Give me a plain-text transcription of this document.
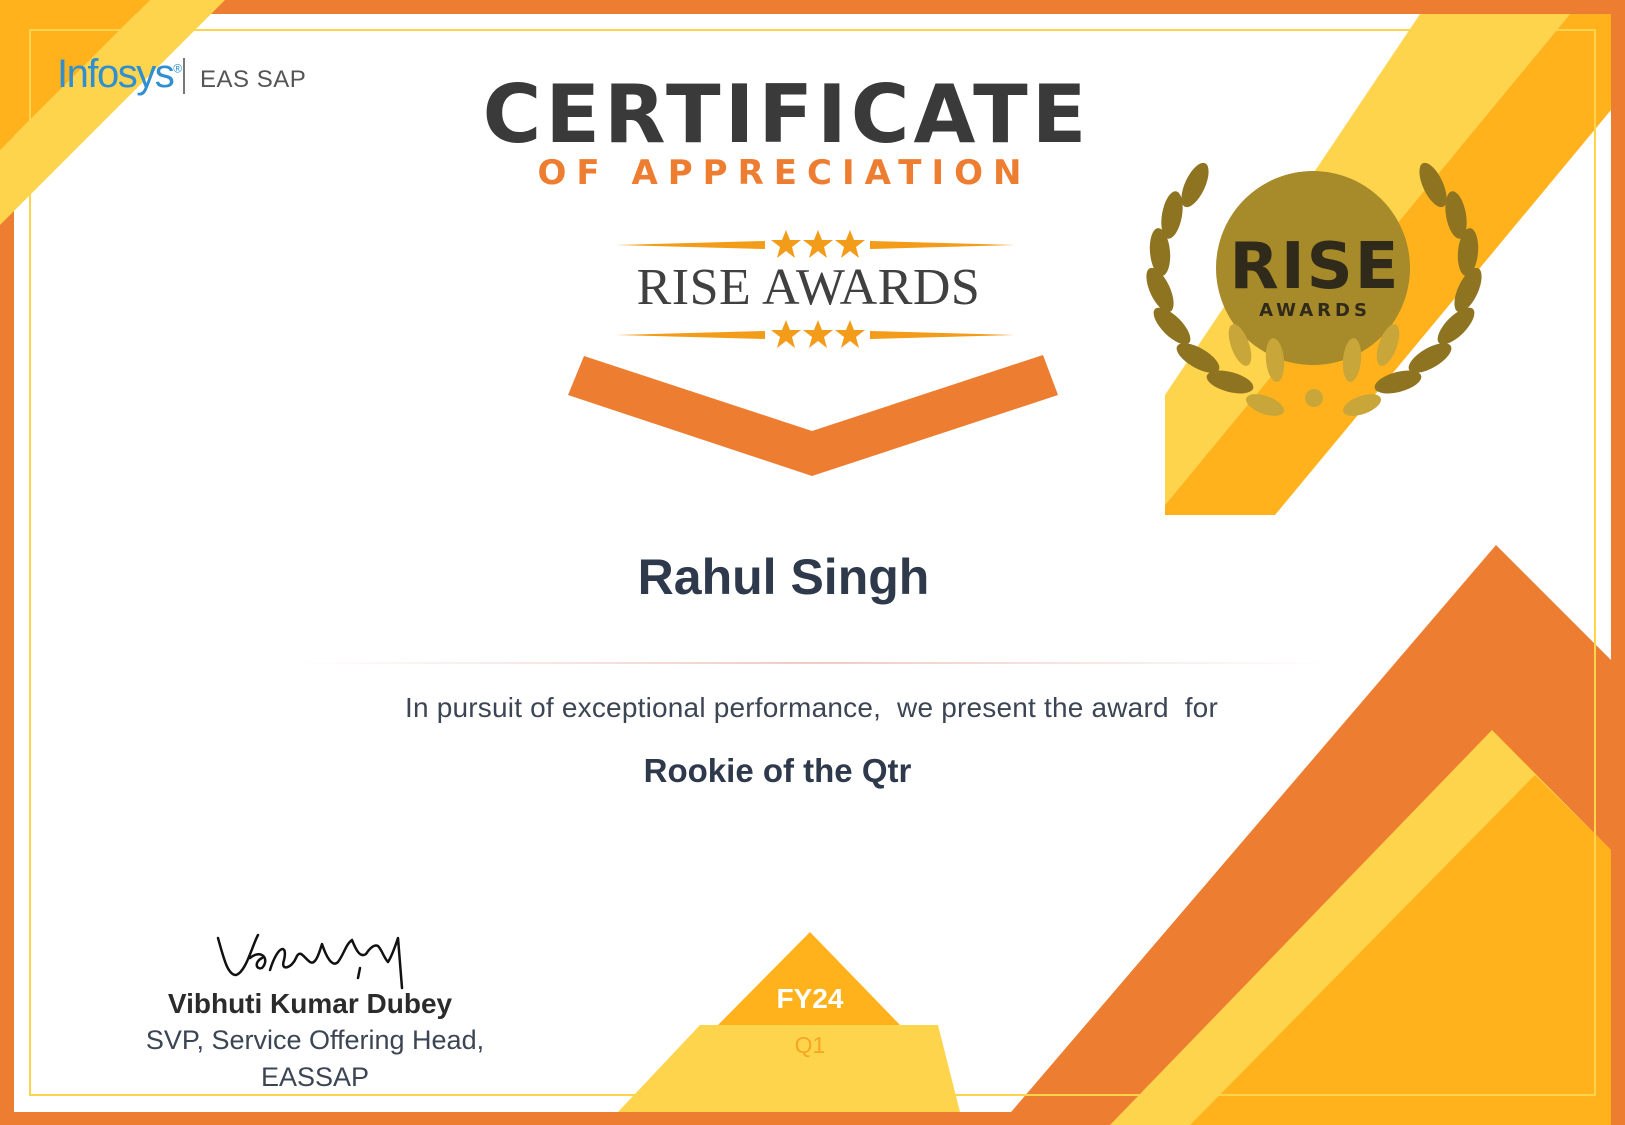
Infosys® EAS SAP	CERTIFICATE
OF APPRECIATION
RISE AWARDS	RISE
AWARDS
Rahul Singh
In pursuit of exceptional performance,  we present the award  for
Rookie of the Qtr
Vibhuti Kumar Dubey
SVP, Service Offering Head,
EASSAP
FY24
Q1
